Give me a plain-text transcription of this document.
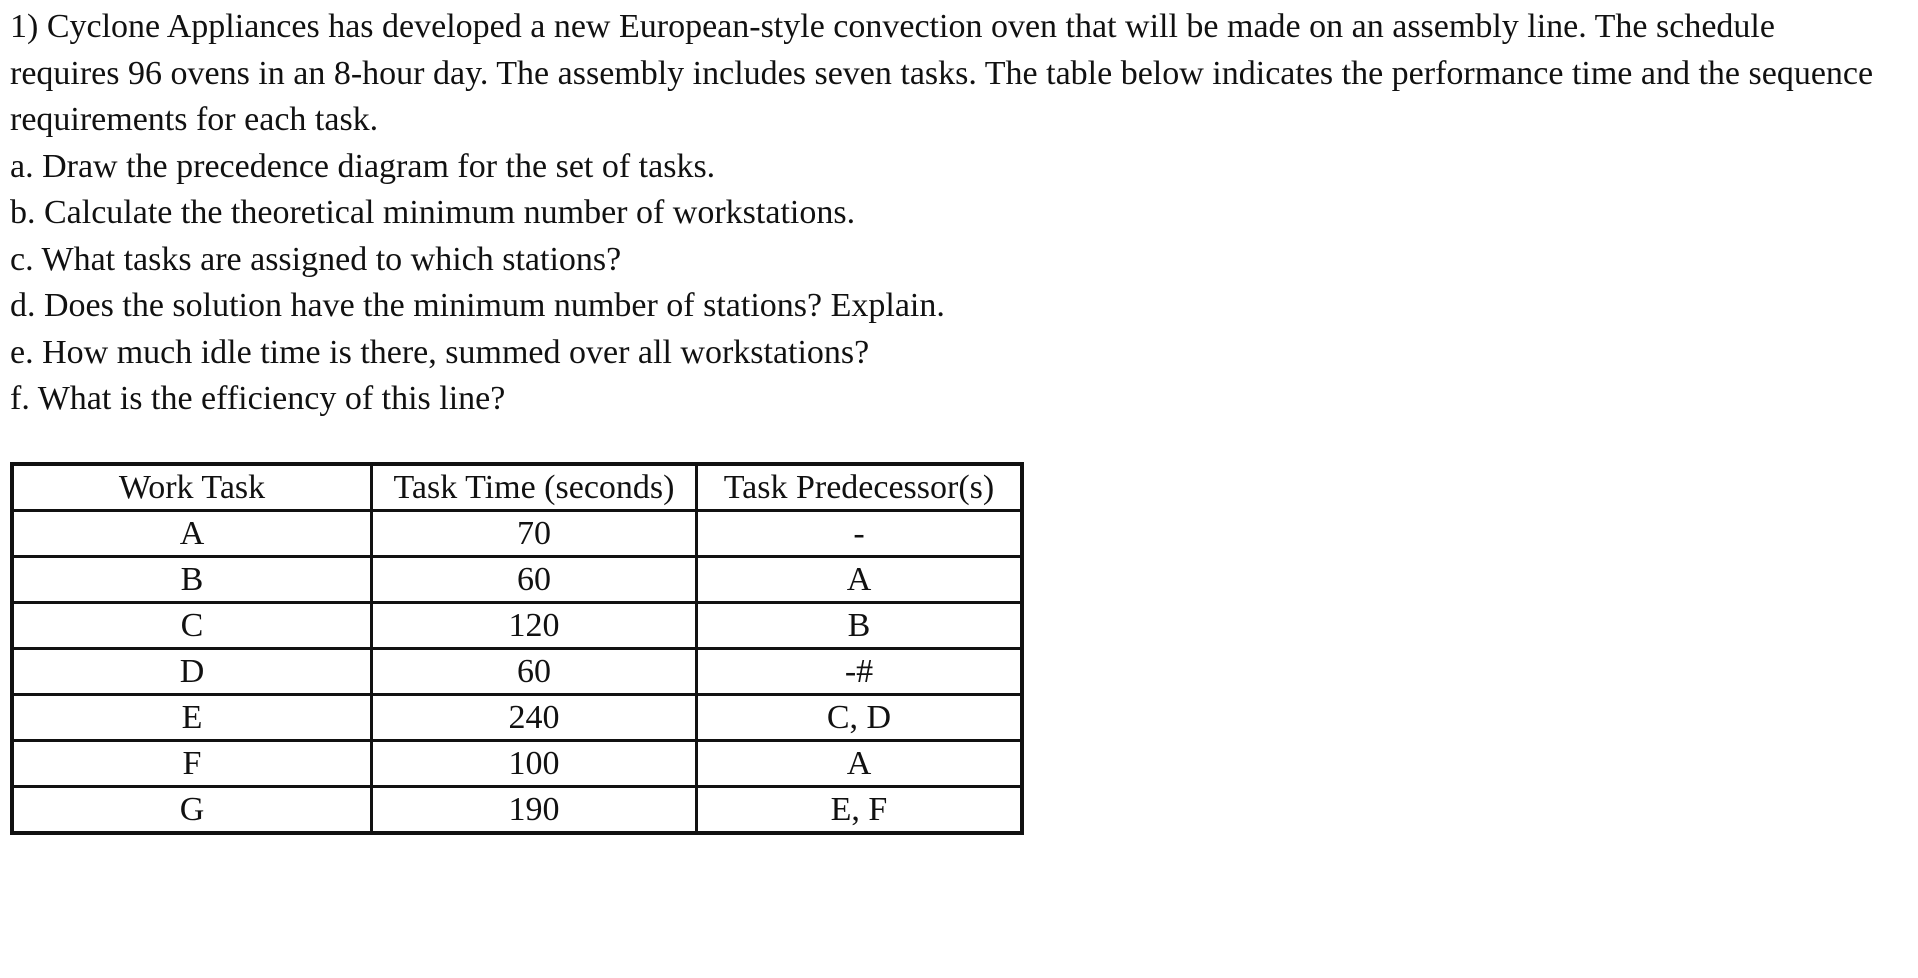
1) Cyclone Appliances has developed a new European-style convection oven that will be made on an assembly line. The schedule requires 96 ovens in an 8-hour day. The assembly includes seven tasks. The table below indicates the performance time and the sequence requirements for each task.

a. Draw the precedence diagram for the set of tasks.

b. Calculate the theoretical minimum number of workstations.

c. What tasks are assigned to which stations?

d. Does the solution have the minimum number of stations? Explain.

e. How much idle time is there, summed over all workstations?

f. What is the efficiency of this line?

Work Task	Task Time (seconds)	Task Predecessor(s)
A	70	-
B	60	A
C	120	B
D	60	-#
E	240	C, D
F	100	A
G	190	E, F
